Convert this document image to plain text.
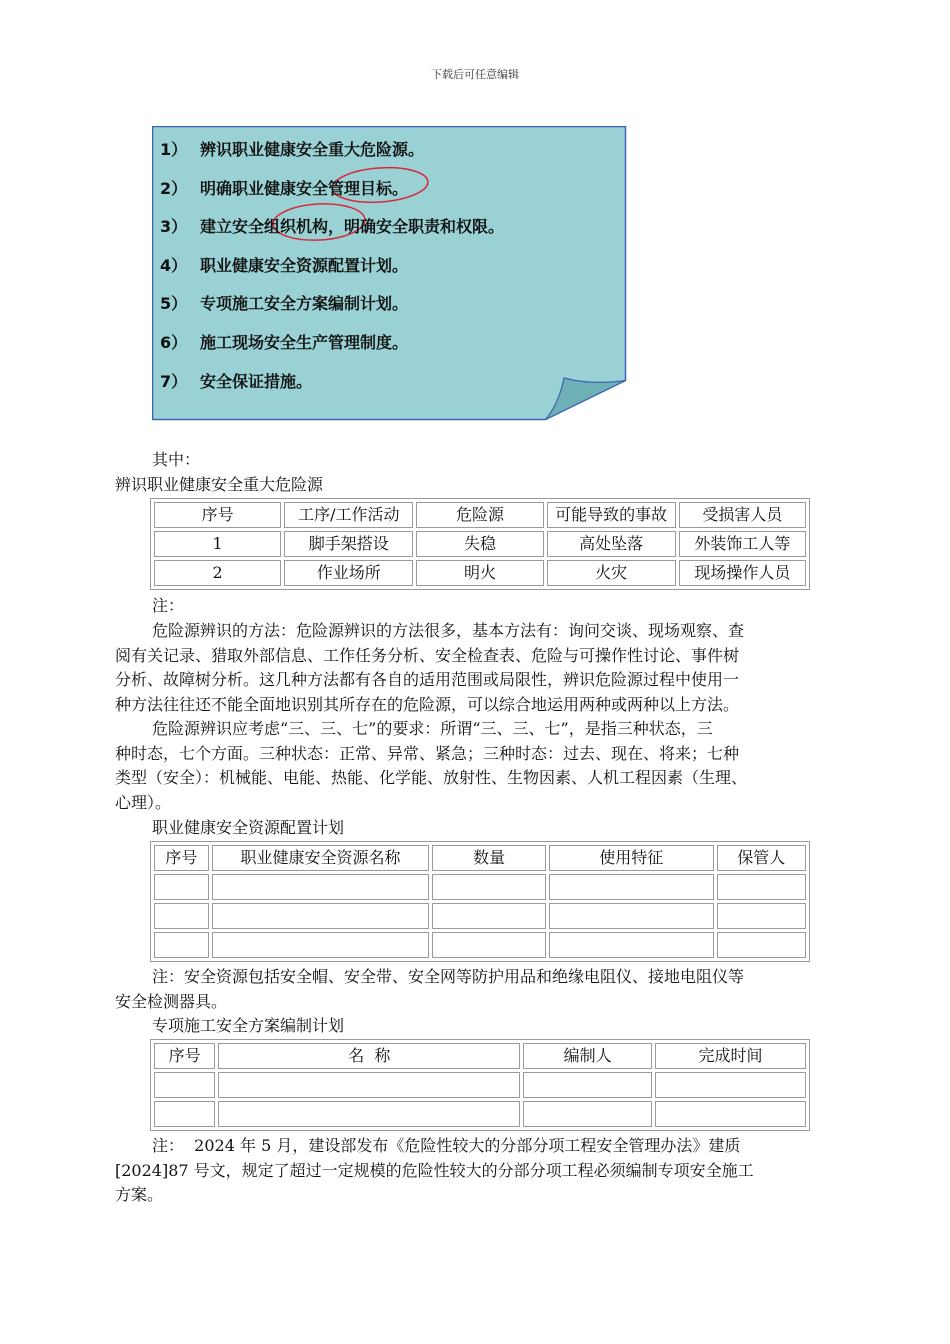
下载后可任意编辑
1） 辨识职业健康安全重大危险源。
2） 明确职业健康安全管理目标。
3） 建立安全组织机构，明确安全职责和权限。
4） 职业健康安全资源配置计划。
5） 专项施工安全方案编制计划。
6） 施工现场安全生产管理制度。
7） 安全保证措施。
其中：
辨识职业健康安全重大危险源
序号	工序/工作活动	危险源	可能导致的事故	受损害人员
1	脚手架搭设	失稳	高处坠落	外装饰工人等
2	作业场所	明火	火灾	现场操作人员
注：
危险源辨识的方法：危险源辨识的方法很多，基本方法有：询问交谈、现场观察、查
阅有关记录、猎取外部信息、工作任务分析、安全检查表、危险与可操作性讨论、事件树
分析、故障树分析。这几种方法都有各自的适用范围或局限性，辨识危险源过程中使用一
种方法往往还不能全面地识别其所存在的危险源，可以综合地运用两种或两种以上方法。
危险源辨识应考虑“三、三、七”的要求：所谓“三、三、七”，是指三种状态，三
种时态，七个方面。三种状态：正常、异常、紧急；三种时态：过去、现在、将来；七种
类型（安全）：机械能、电能、热能、化学能、放射性、生物因素、人机工程因素（生理、
心理）。
职业健康安全资源配置计划
序号	职业健康安全资源名称	数量	使用特征	保管人

注：安全资源包括安全帽、安全带、安全网等防护用品和绝缘电阻仪、接地电阻仪等
安全检测器具。
专项施工安全方案编制计划
序号	名  称	编制人	完成时间

注：  2024 年 5 月，建设部发布《危险性较大的分部分项工程安全管理办法》建质
[2024]87 号文，规定了超过一定规模的危险性较大的分部分项工程必须编制专项安全施工
方案。
